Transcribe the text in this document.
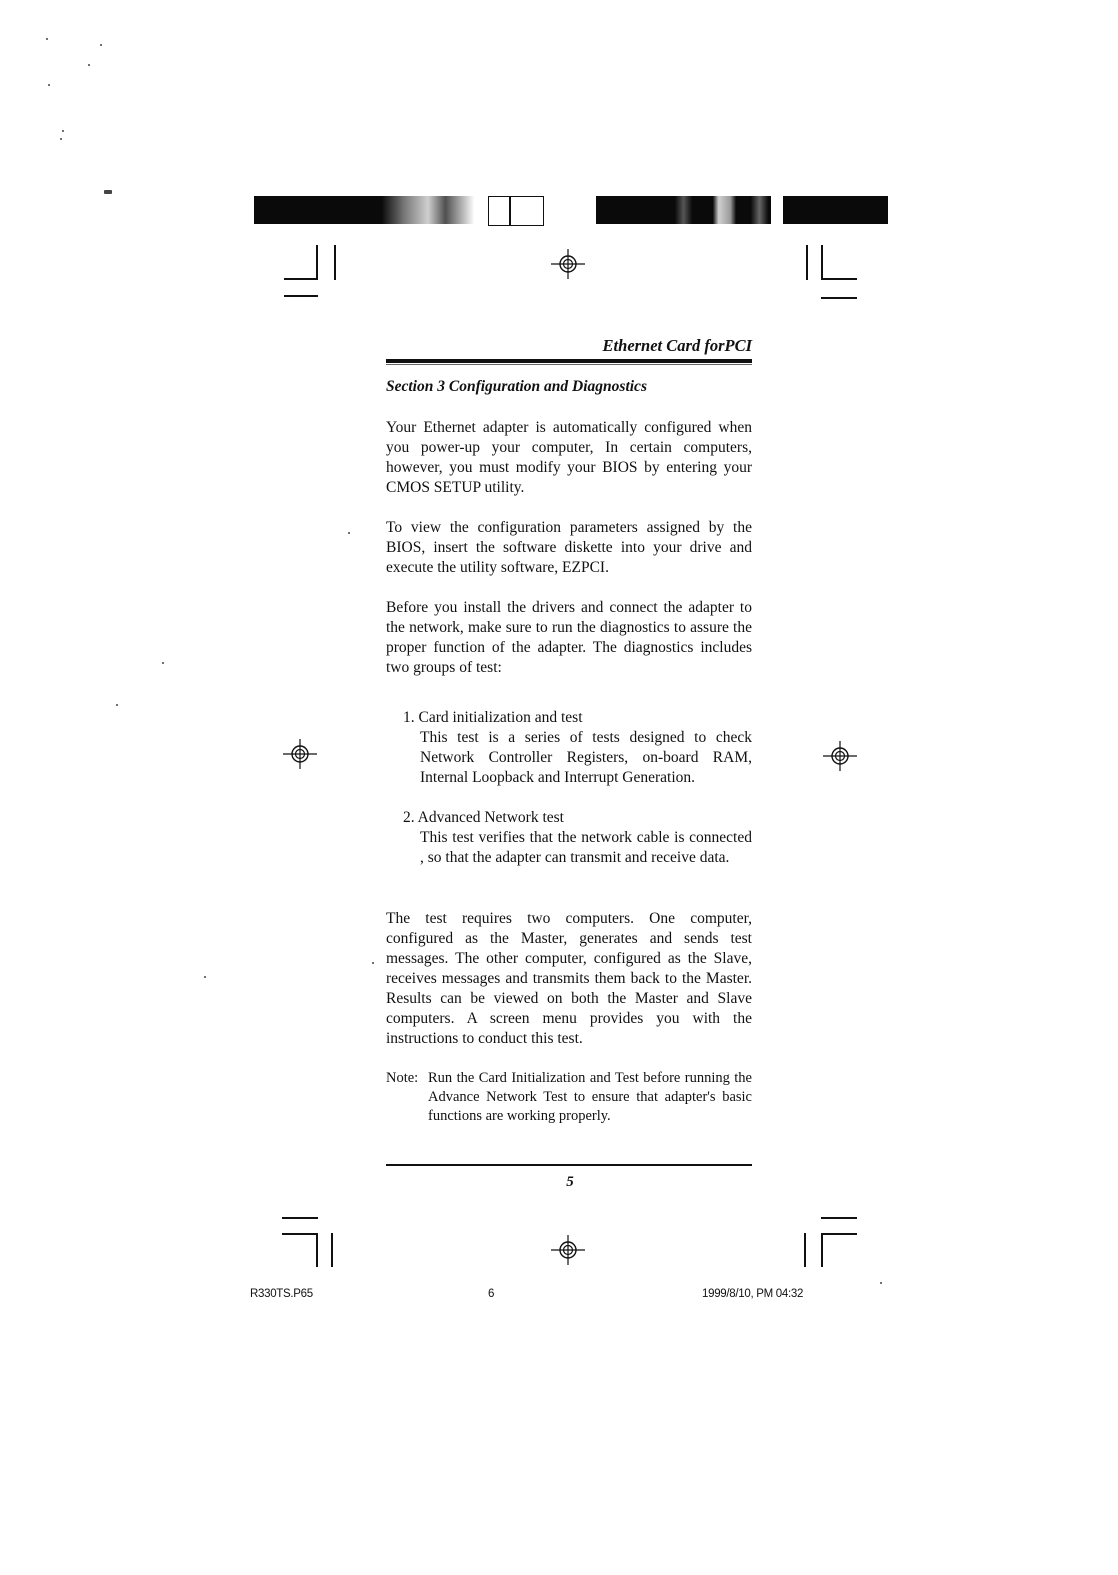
Ethernet Card forPCI
Section 3 Configuration and Diagnostics

Your Ethernet adapter is automatically configured when you power-up your computer, In certain computers, however, you must modify your BIOS by entering your CMOS SETUP utility.

To view the configuration parameters assigned by the BIOS, insert the software diskette into your drive and execute the utility software, EZPCI.

Before you install the drivers and connect the adapter to the network, make sure to run the diagnostics to assure the proper function of the adapter. The diagnostics includes two groups of test:

1. Card initialization and test
This test is a series of tests designed to check Network Controller Registers, on-board RAM, Internal Loopback and Interrupt Generation.
2. Advanced Network test
This test verifies that the network cable is connected , so that the adapter can transmit and receive data.

The test requires two computers. One computer, configured as the Master, generates and sends test messages. The other computer, configured as the Slave, receives messages and transmits them back to the Master. Results can be viewed on both the Master and Slave computers. A screen menu provides you with the instructions to conduct this test.

Note: Run the Card Initialization and Test before running the Advance Network Test to ensure that adapter's basic functions are working properly.
5
R330TS.P65	6	1999/8/10, PM 04:32
